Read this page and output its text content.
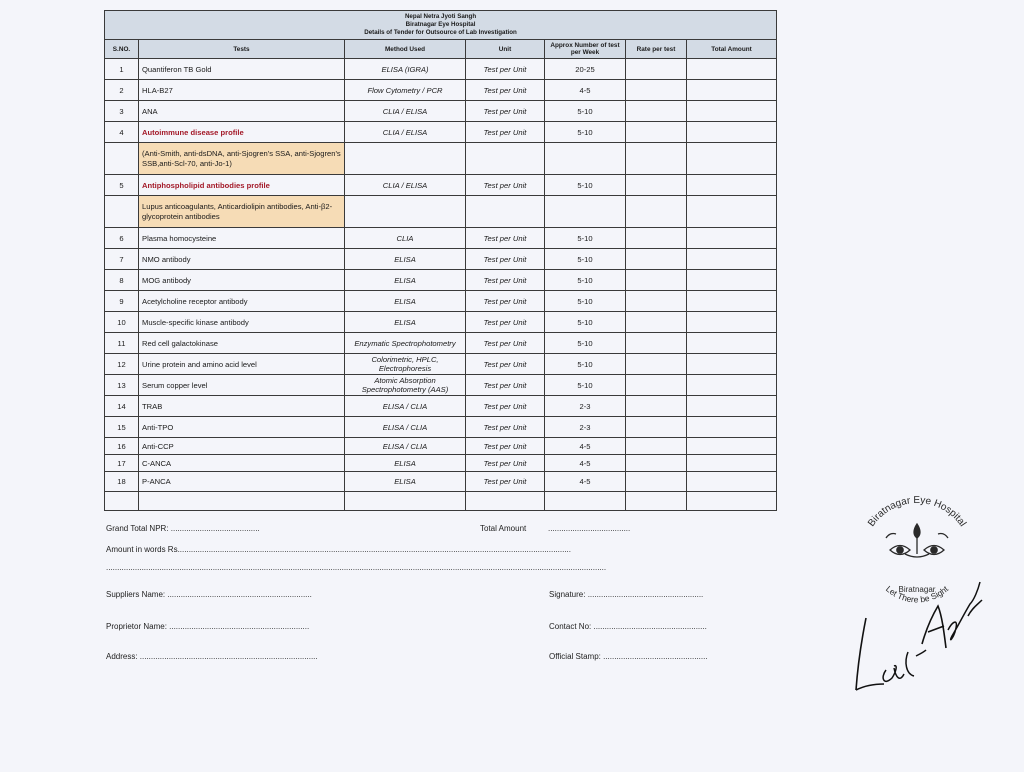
Nepal Netra Jyoti Sangh
Biratnagar Eye Hospital
Details of Tender for Outsource of Lab Investigation						

S.NO.	Tests	Method Used	Unit	Approx Number of test per Week	Rate per test	Total Amount
1	Quantiferon TB Gold	ELISA (IGRA)	Test per Unit	20-25		
2	HLA-B27	Flow Cytometry / PCR	Test per Unit	4-5		
3	ANA	CLIA / ELISA	Test per Unit	5-10		
4	Autoimmune disease profile	CLIA / ELISA	Test per Unit	5-10		
	(Anti-Smith, anti-dsDNA, anti-Sjogren's SSA, anti-Sjogren's SSB,anti-Scl-70, anti-Jo-1)					
5	Antiphospholipid antibodies profile	CLIA / ELISA	Test per Unit	5-10		
	Lupus anticoagulants, Anticardiolipin antibodies, Anti-β2-glycoprotein antibodies					
6	Plasma homocysteine	CLIA	Test per Unit	5-10		
7	NMO antibody	ELISA	Test per Unit	5-10		
8	MOG antibody	ELISA	Test per Unit	5-10		
9	Acetylcholine receptor antibody	ELISA	Test per Unit	5-10		
10	Muscle-specific kinase antibody	ELISA	Test per Unit	5-10		
11	Red cell galactokinase	Enzymatic Spectrophotometry	Test per Unit	5-10		
12	Urine protein and amino acid level	Colorimetric, HPLC, Electrophoresis	Test per Unit	5-10		
13	Serum copper level	Atomic Absorption Spectrophotometry (AAS)	Test per Unit	5-10		
14	TRAB	ELISA / CLIA	Test per Unit	2-3		
15	Anti-TPO	ELISA / CLIA	Test per Unit	2-3		
16	Anti-CCP	ELISA / CLIA	Test per Unit	4-5		
17	C-ANCA	ELISA	Test per Unit	4-5		
18	P-ANCA	ELISA	Test per Unit	4-5		

Grand Total NPR: ........................................	Total Amount	.....................................
Amount in words Rs.................................................................................................................................................................................
.................................................................................................................................................................................................................................
Suppliers Name: .................................................................	Signature: ....................................................
Proprietor Name: ...............................................................	Contact No: ...................................................
Address: ................................................................................	Official Stamp: ...............................................
Biratnagar Eye Hospital
Let There be Sight
Biratnagar
